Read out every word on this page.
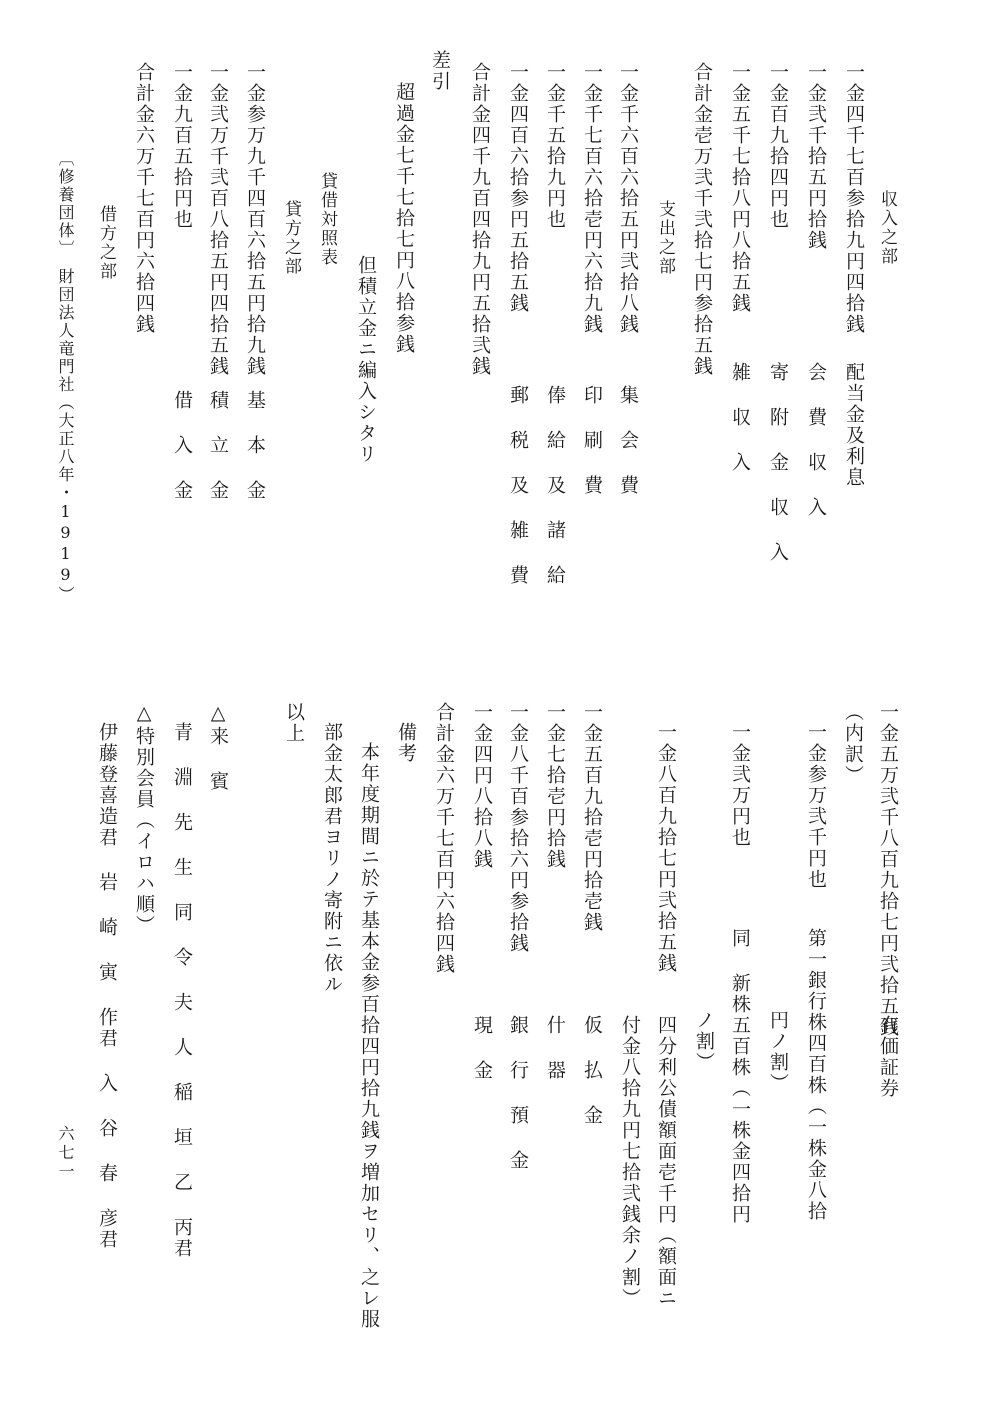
収入之部
一金四千七百参拾九円四拾銭
配当金及利息
一金弐千拾五円拾銭
会 費 収 入
一金百九拾四円也
寄 附 金 収 入
一金五千七拾八円八拾五銭
雑 収 入
合計金壱万弐千弐拾七円参拾五銭
支出之部
一金千六百六拾五円弐拾八銭
集 会 費
一金千七百六拾壱円六拾九銭
印 刷 費
一金千五拾九円也
俸 給 及 諸 給
一金四百六拾参円五拾五銭
郵 税 及 雑 費
合計金四千九百四拾九円五拾弐銭
差引
超過金七千七拾七円八拾参銭
但積立金ニ編入シタリ
貸借対照表
貸方之部
一金参万九千四百六拾五円拾九銭
基 本 金
一金弐万千弐百八拾五円四拾五銭
積 立 金
一金九百五拾円也
借 入 金
合計金六万千七百円六拾四銭
借方之部
〔修養団体〕　財団法人竜門社（大正八年・1919）
一金五万弐千八百九拾七円弐拾五銭
有価証券
（内訳）
一金参万弐千円也
第一銀行株四百株（一株金八拾
円ノ割）
一金弐万円也
同 新株五百株（一株金四拾円
ノ割）
一金八百九拾七円弐拾五銭
四分利公債額面壱千円（額面ニ
付金八拾九円七拾弐銭余ノ割）
一金五百九拾壱円拾壱銭
仮 払 金
一金七拾壱円拾銭
什 器
一金八千百参拾六円参拾銭
銀 行 預 金
一金四円八拾八銭
現 金
合計金六万千七百円六拾四銭
備考
本年度期間ニ於テ基本金参百拾四円拾九銭ヲ増加セリ、之レ服
部金太郎君ヨリノ寄附ニ依ル
以上
△来 賓
青 淵 先 生 同 令 夫 人 稲 垣 乙 丙君
△特別会員（イロハ順）
伊藤登喜造君 岩 崎 寅 作君 入 谷 春 彦君
六七一
